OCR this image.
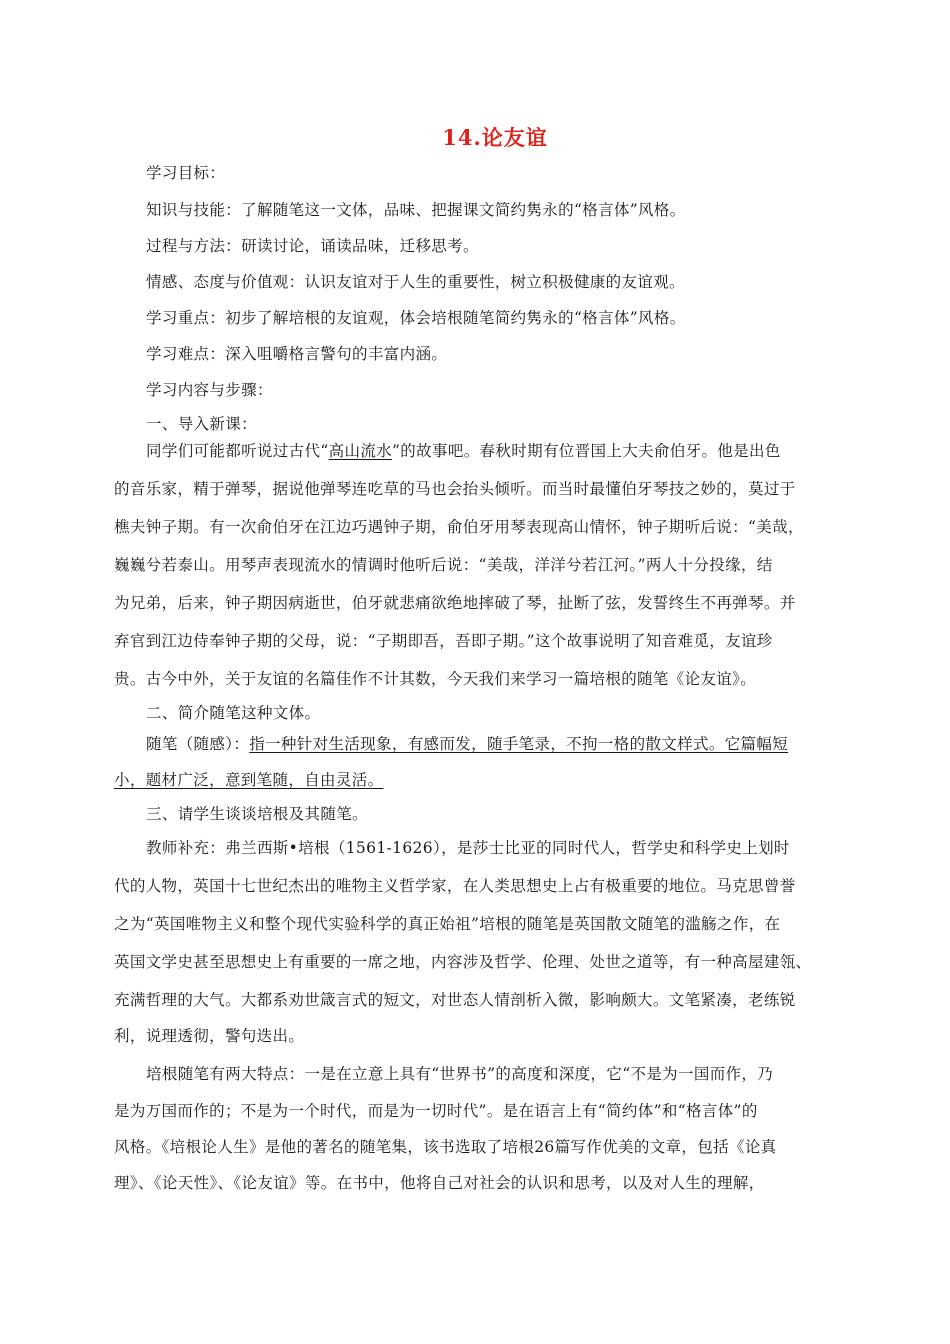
14.论友谊
学习目标：
知识与技能：了解随笔这一文体，品味、把握课文简约隽永的“格言体”风格。
过程与方法：研读讨论，诵读品味，迁移思考。
情感、态度与价值观：认识友谊对于人生的重要性，树立积极健康的友谊观。
学习重点：初步了解培根的友谊观，体会培根随笔简约隽永的“格言体”风格。
学习难点：深入咀嚼格言警句的丰富内涵。
学习内容与步骤：
一、导入新课：
同学们可能都听说过古代“高山流水”的故事吧。春秋时期有位晋国上大夫俞伯牙。他是出色
的音乐家，精于弹琴，据说他弹琴连吃草的马也会抬头倾听。而当时最懂伯牙琴技之妙的，莫过于
樵夫钟子期。有一次俞伯牙在江边巧遇钟子期，俞伯牙用琴表现高山情怀，钟子期听后说：“美哉，
巍巍兮若泰山。用琴声表现流水的情调时他听后说：“美哉，洋洋兮若江河。”两人十分投缘，结
为兄弟，后来，钟子期因病逝世，伯牙就悲痛欲绝地摔破了琴，扯断了弦，发誓终生不再弹琴。并
弃官到江边侍奉钟子期的父母，说：“子期即吾，吾即子期。”这个故事说明了知音难觅，友谊珍
贵。古今中外，关于友谊的名篇佳作不计其数，今天我们来学习一篇培根的随笔《论友谊》。
二、简介随笔这种文体。
随笔（随感）：指一种针对生活现象，有感而发，随手笔录，不拘一格的散文样式。它篇幅短
小，题材广泛，意到笔随，自由灵活。
三、请学生谈谈培根及其随笔。
教师补充：弗兰西斯•培根（1561-1626），是莎士比亚的同时代人，哲学史和科学史上划时
代的人物，英国十七世纪杰出的唯物主义哲学家，在人类思想史上占有极重要的地位。马克思曾誉
之为“英国唯物主义和整个现代实验科学的真正始祖”培根的随笔是英国散文随笔的滥觞之作，在
英国文学史甚至思想史上有重要的一席之地，内容涉及哲学、伦理、处世之道等，有一种高屋建瓴、
充满哲理的大气。大都系劝世箴言式的短文，对世态人情剖析入微，影响颇大。文笔紧凑，老练锐
利，说理透彻，警句迭出。
培根随笔有两大特点：一是在立意上具有“世界书”的高度和深度，它“不是为一国而作，乃
是为万国而作的；不是为一个时代，而是为一切时代”。是在语言上有“简约体”和“格言体”的
风格。《培根论人生》是他的著名的随笔集，该书选取了培根26篇写作优美的文章，包括《论真
理》、《论天性》、《论友谊》等。在书中，他将自己对社会的认识和思考，以及对人生的理解，
